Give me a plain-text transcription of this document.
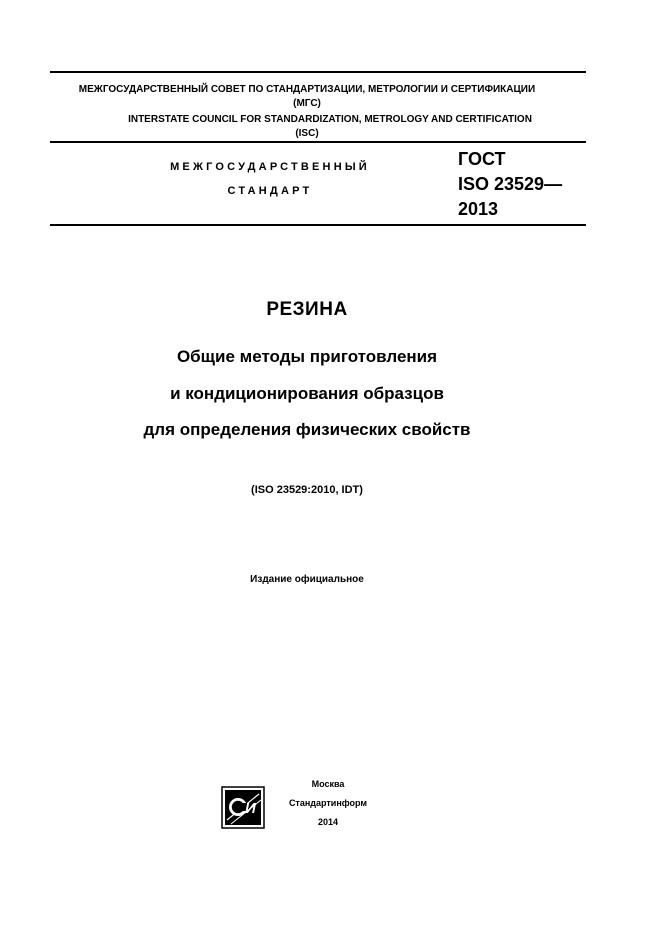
МЕЖГОСУДАРСТВЕННЫЙ СОВЕТ ПО СТАНДАРТИЗАЦИИ, МЕТРОЛОГИИ И СЕРТИФИКАЦИИ
(МГС)
INTERSTATE COUNCIL FOR STANDARDIZATION, METROLOGY AND CERTIFICATION
(ISC)
МЕЖГОСУДАРСТВЕННЫЙ
СТАНДАРТ
ГОСТ
ISO 23529—
2013
РЕЗИНА
Общие методы приготовления
и кондиционирования образцов
для определения физических свойств
(ISO 23529:2010, IDT)
Издание официальное
И
Москва
Стандартинформ
2014
